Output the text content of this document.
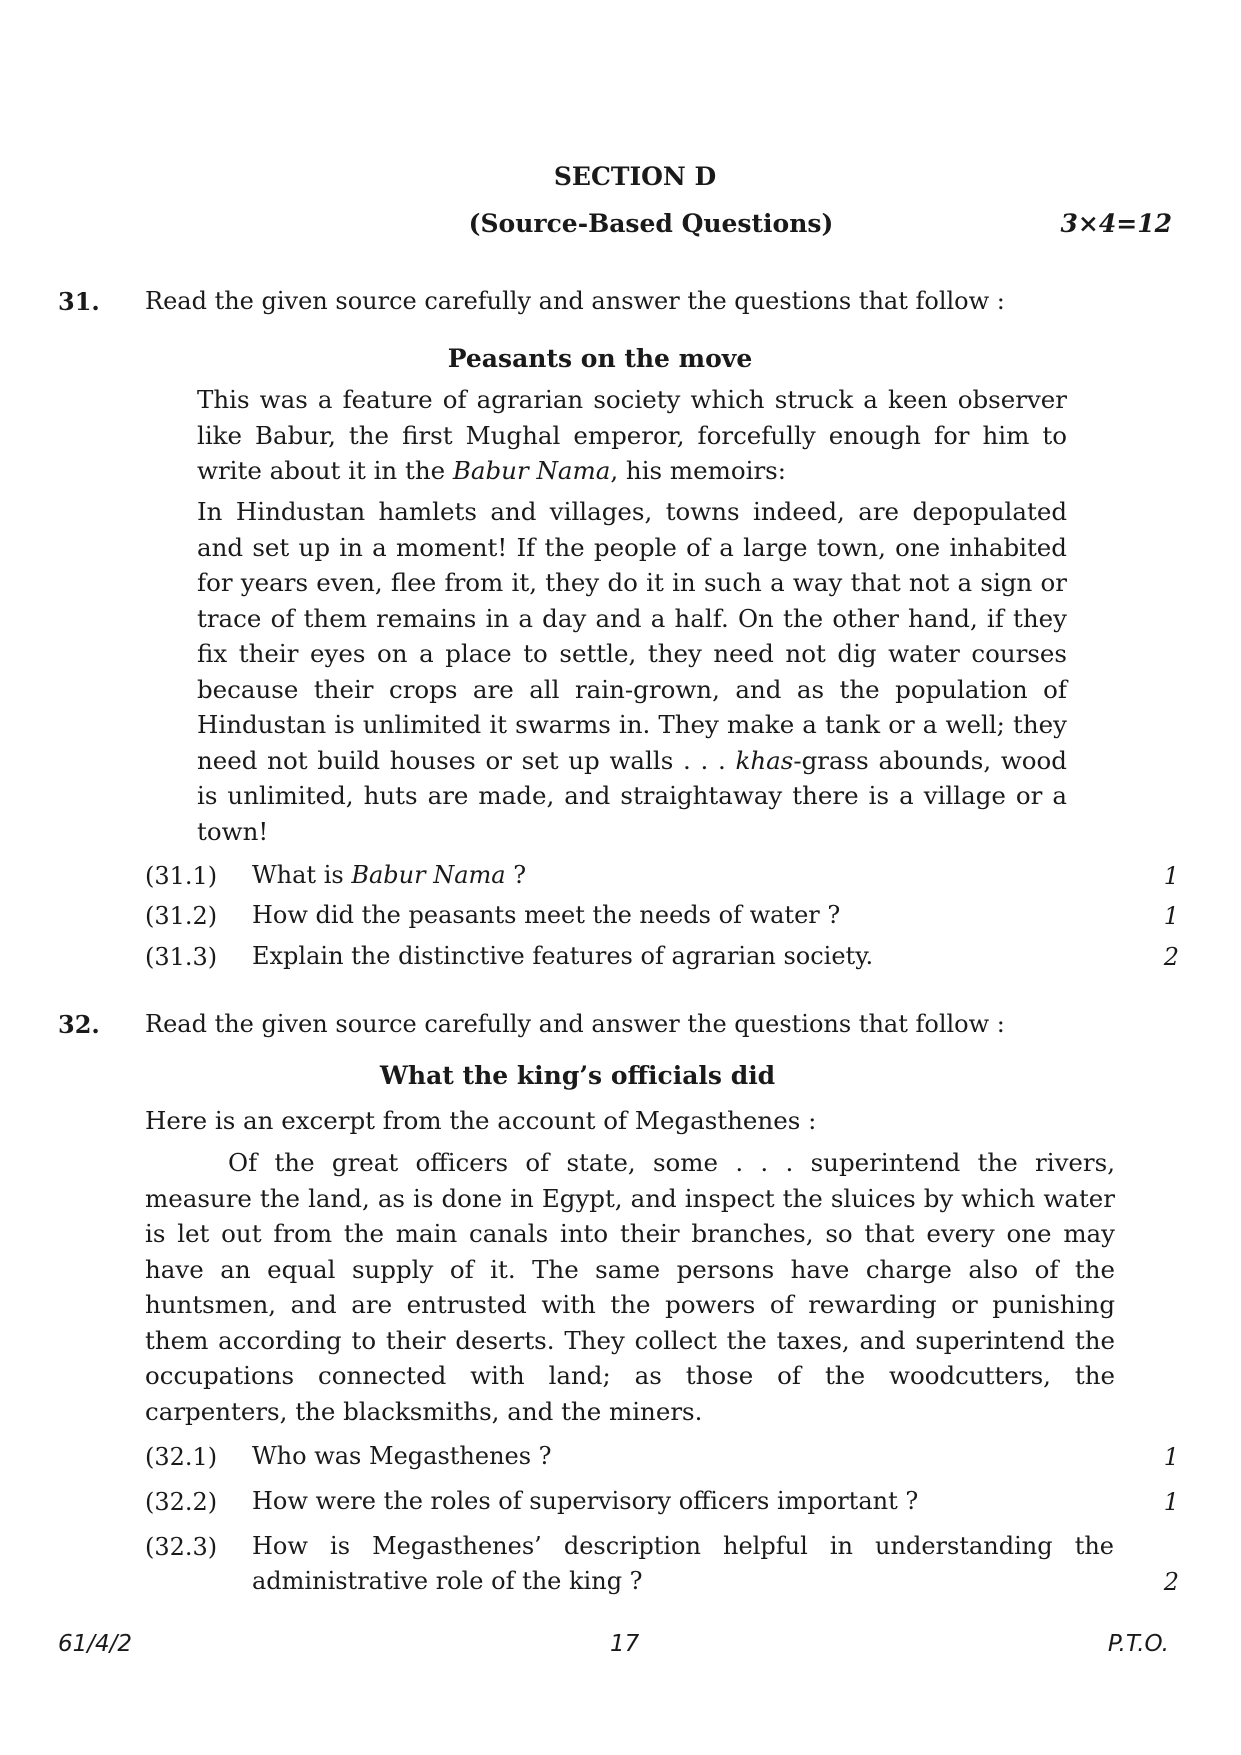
SECTION D
(Source-Based Questions)	3×4=12
31. Read the given source carefully and answer the questions that follow :
Peasants on the move

This was a feature of agrarian society which struck a keen observer like Babur, the first Mughal emperor, forcefully enough for him to write about it in the Babur Nama, his memoirs:

In Hindustan hamlets and villages, towns indeed, are depopulated and set up in a moment! If the people of a large town, one inhabited for years even, flee from it, they do it in such a way that not a sign or trace of them remains in a day and a half. On the other hand, if they fix their eyes on a place to settle, they need not dig water courses because their crops are all rain-grown, and as the population of Hindustan is unlimited it swarms in. They make a tank or a well; they need not build houses or set up walls . . . khas-grass abounds, wood is unlimited, huts are made, and straightaway there is a village or a town!

(31.1) What is Babur Nama ?	1
(31.2) How did the peasants meet the needs of water ?	1
(31.3) Explain the distinctive features of agrarian society.	2
32. Read the given source carefully and answer the questions that follow :
What the king’s officials did
Here is an excerpt from the account of Megasthenes :

Of the great officers of state, some . . . superintend the rivers, measure the land, as is done in Egypt, and inspect the sluices by which water is let out from the main canals into their branches, so that every one may have an equal supply of it. The same persons have charge also of the huntsmen, and are entrusted with the powers of rewarding or punishing them according to their deserts. They collect the taxes, and superintend the occupations connected with land; as those of the woodcutters, the carpenters, the blacksmiths, and the miners.

(32.1) Who was Megasthenes ?	1
(32.2) How were the roles of supervisory officers important ?	1
(32.3) How is Megasthenes’ description helpful in understanding the administrative role of the king ?	2
61/4/2	17	P.T.O.
